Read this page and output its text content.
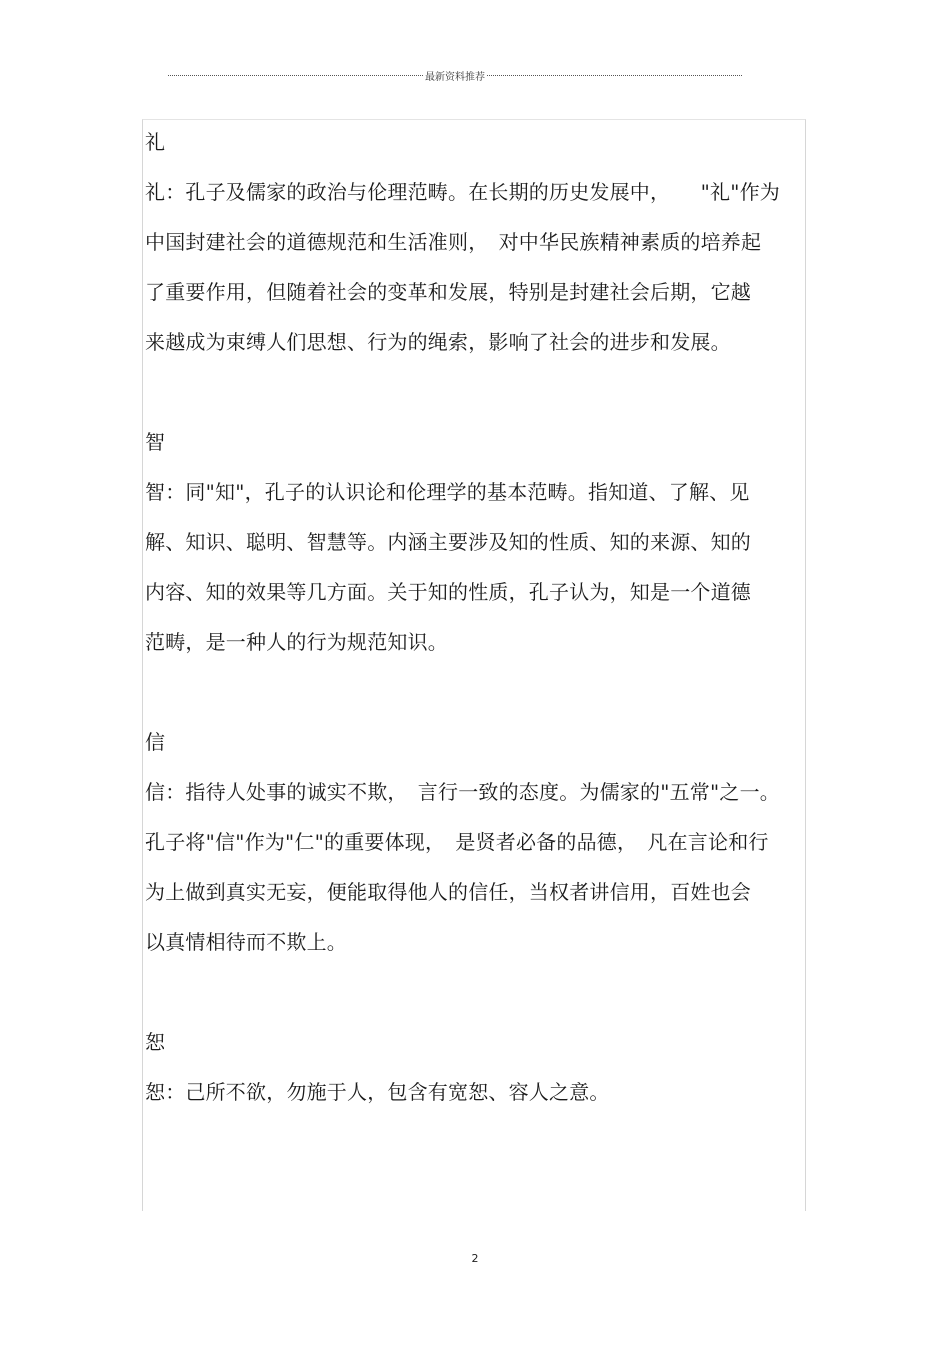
最新资料推荐
礼
礼：孔子及儒家的政治与伦理范畴。在长期的历史发展中，　　"礼"作为
中国封建社会的道德规范和生活准则，　对中华民族精神素质的培养起
了重要作用，但随着社会的变革和发展，特别是封建社会后期，它越
来越成为束缚人们思想、行为的绳索，影响了社会的进步和发展。
智
智：同"知"，孔子的认识论和伦理学的基本范畴。指知道、了解、见
解、知识、聪明、智慧等。内涵主要涉及知的性质、知的来源、知的
内容、知的效果等几方面。关于知的性质，孔子认为，知是一个道德
范畴，是一种人的行为规范知识。
信
信：指待人处事的诚实不欺，　言行一致的态度。为儒家的"五常"之一。
孔子将"信"作为"仁"的重要体现，　是贤者必备的品德，　凡在言论和行
为上做到真实无妄，便能取得他人的信任，当权者讲信用，百姓也会
以真情相待而不欺上。
恕
恕：己所不欲，勿施于人，包含有宽恕、容人之意。
2
